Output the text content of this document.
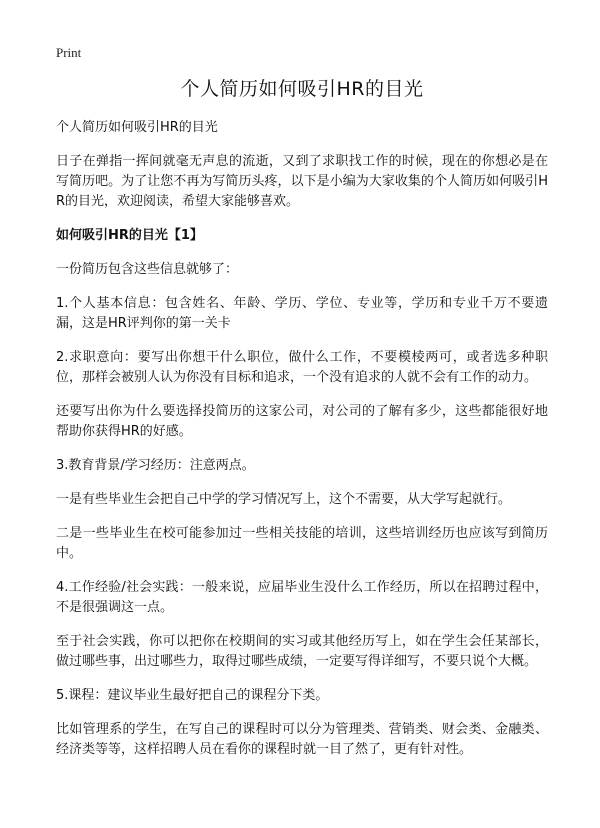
Print
个人简历如何吸引HR的目光

个人简历如何吸引HR的目光

日子在弹指一挥间就毫无声息的流逝，又到了求职找工作的时候，现在的你想必是在写简历吧。为了让您不再为写简历头疼，以下是小编为大家收集的个人简历如何吸引HR的目光，欢迎阅读，希望大家能够喜欢。

如何吸引HR的目光【1】

一份简历包含这些信息就够了：

1.个人基本信息：包含姓名、年龄、学历、学位、专业等，学历和专业千万不要遗漏，这是HR评判你的第一关卡

2.求职意向：要写出你想干什么职位，做什么工作，不要模棱两可，或者选多种职位，那样会被别人认为你没有目标和追求，一个没有追求的人就不会有工作的动力。

还要写出你为什么要选择投简历的这家公司，对公司的了解有多少，这些都能很好地帮助你获得HR的好感。

3.教育背景/学习经历：注意两点。

一是有些毕业生会把自己中学的学习情况写上，这个不需要，从大学写起就行。

二是一些毕业生在校可能参加过一些相关技能的培训，这些培训经历也应该写到简历中。

4.工作经验/社会实践：一般来说，应届毕业生没什么工作经历，所以在招聘过程中，不是很强调这一点。

至于社会实践，你可以把你在校期间的实习或其他经历写上，如在学生会任某部长，做过哪些事，出过哪些力，取得过哪些成绩，一定要写得详细写，不要只说个大概。

5.课程：建议毕业生最好把自己的课程分下类。

比如管理系的学生，在写自己的课程时可以分为管理类、营销类、财会类、金融类、经济类等等，这样招聘人员在看你的课程时就一目了然了，更有针对性。
